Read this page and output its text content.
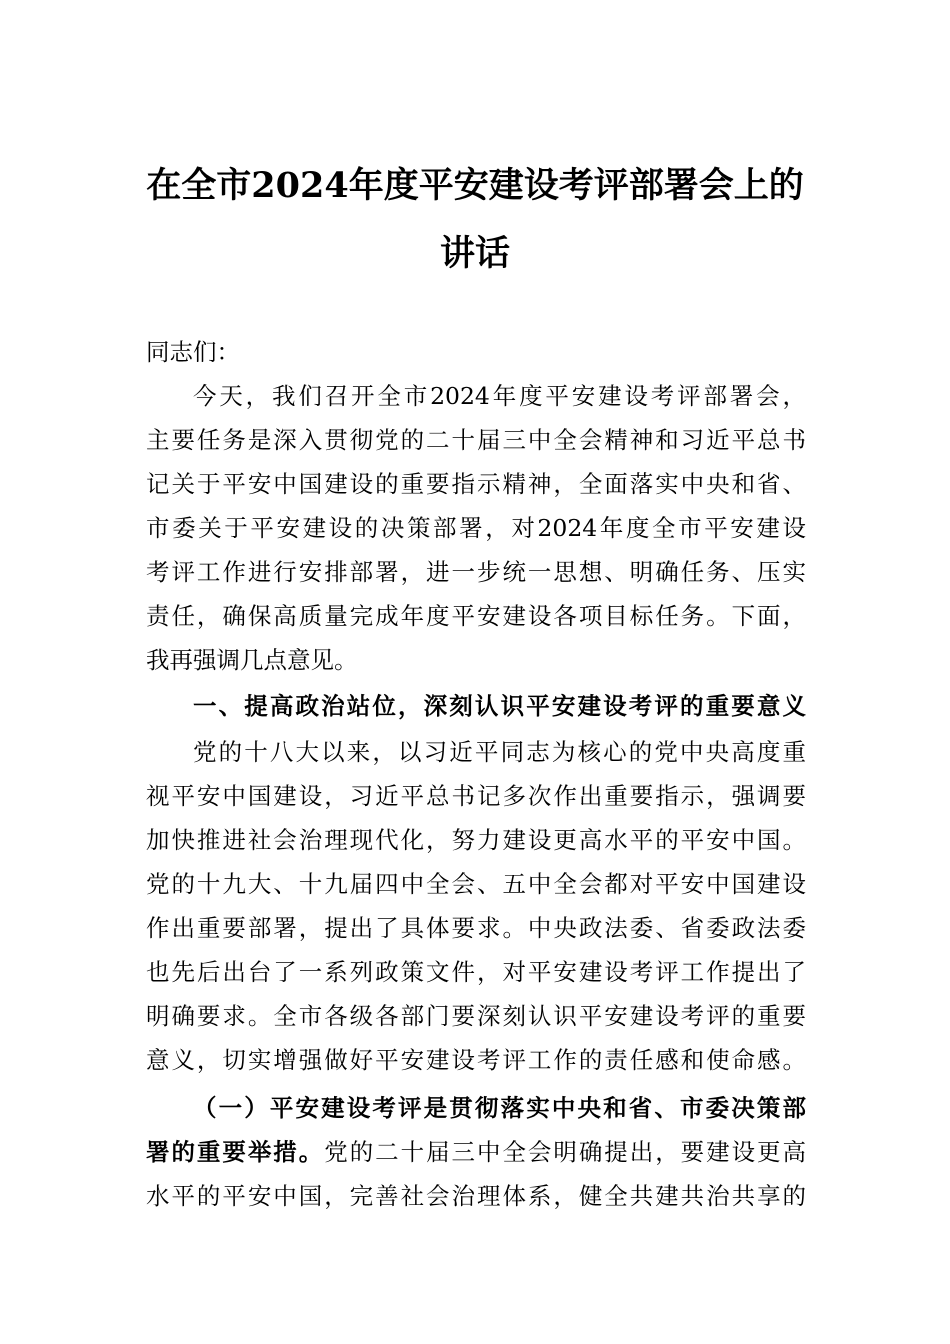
在全市2024年度平安建设考评部署会上的
讲话
同志们：
今天，我们召开全市2024年度平安建设考评部署会，
主要任务是深入贯彻党的二十届三中全会精神和习近平总书
记关于平安中国建设的重要指示精神，全面落实中央和省、
市委关于平安建设的决策部署，对2024年度全市平安建设
考评工作进行安排部署，进一步统一思想、明确任务、压实
责任，确保高质量完成年度平安建设各项目标任务。下面，
我再强调几点意见。
一、提高政治站位，深刻认识平安建设考评的重要意义
党的十八大以来，以习近平同志为核心的党中央高度重
视平安中国建设，习近平总书记多次作出重要指示，强调要
加快推进社会治理现代化，努力建设更高水平的平安中国。
党的十九大、十九届四中全会、五中全会都对平安中国建设
作出重要部署，提出了具体要求。中央政法委、省委政法委
也先后出台了一系列政策文件，对平安建设考评工作提出了
明确要求。全市各级各部门要深刻认识平安建设考评的重要
意义，切实增强做好平安建设考评工作的责任感和使命感。
（一）平安建设考评是贯彻落实中央和省、市委决策部
署的重要举措。党的二十届三中全会明确提出，要建设更高
水平的平安中国，完善社会治理体系，健全共建共治共享的
